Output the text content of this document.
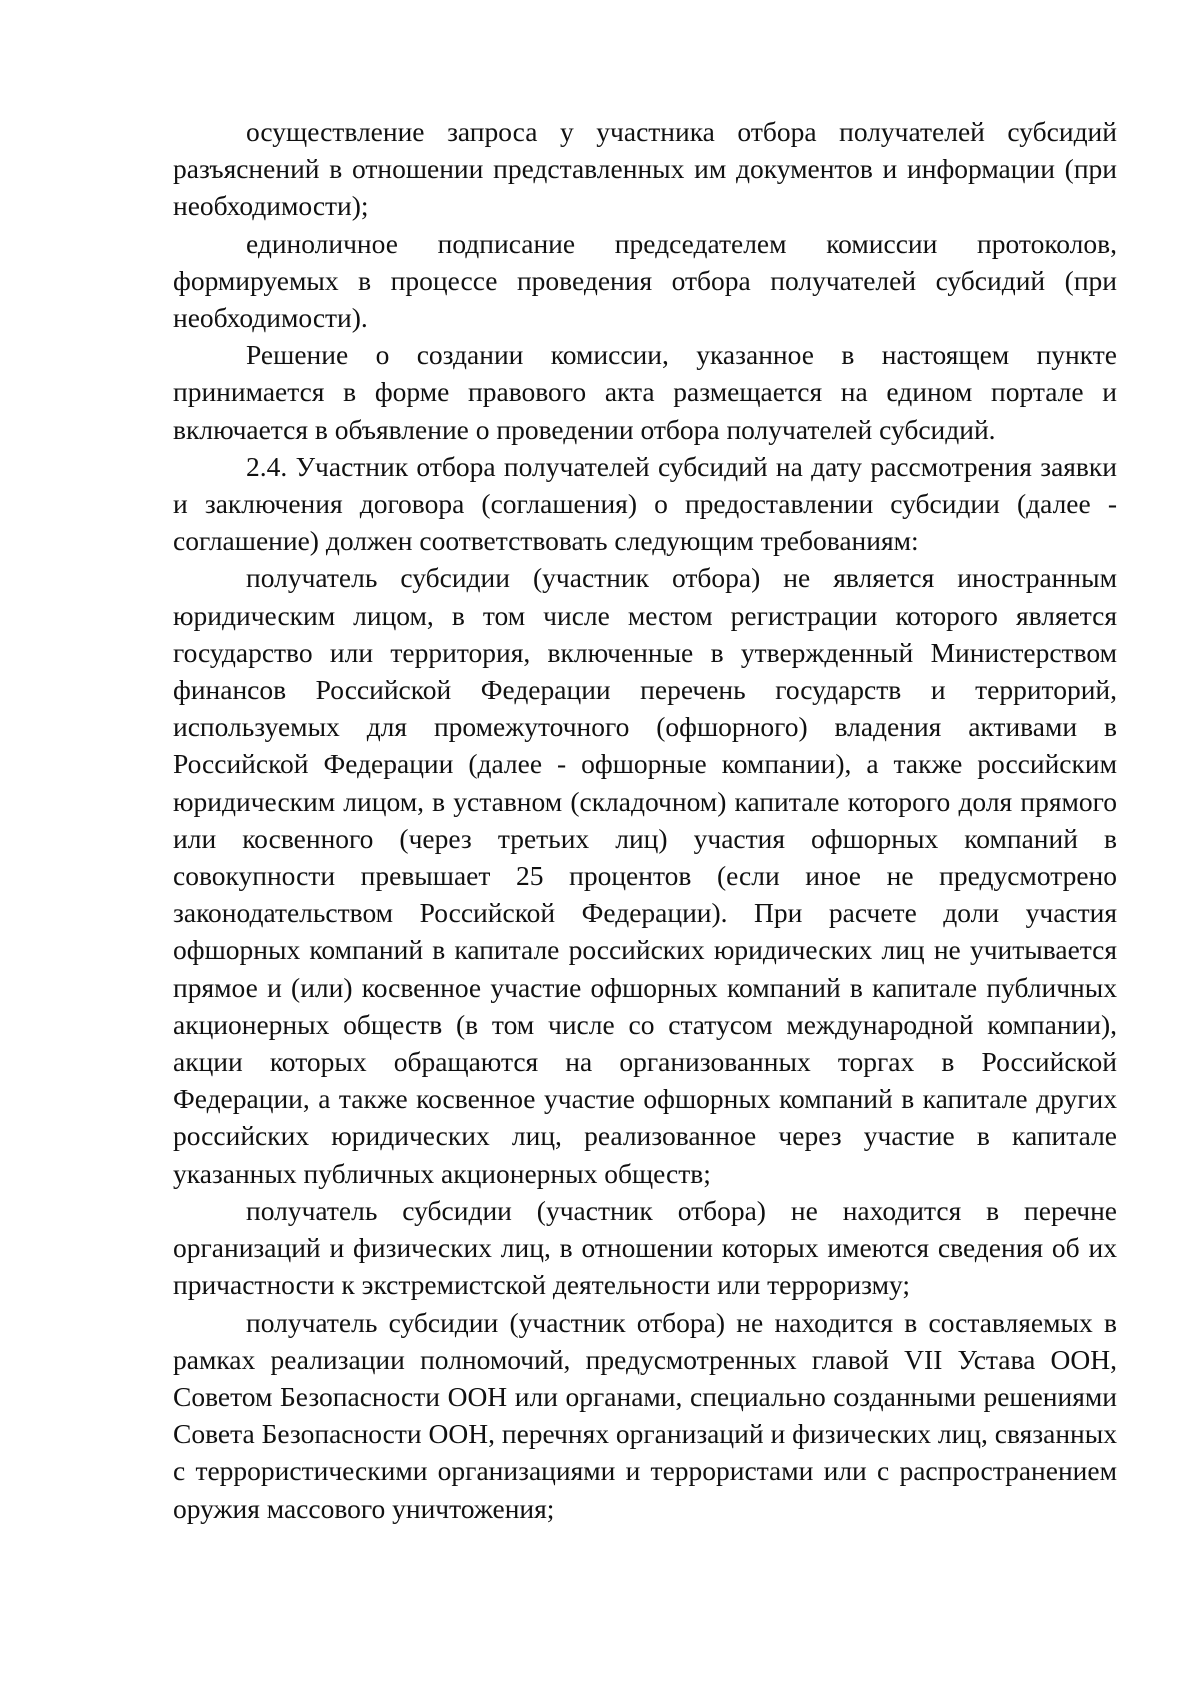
осуществление запроса у участника отбора получателей субсидий разъяснений в отношении представленных им документов и информации (при необходимости);

единоличное подписание председателем комиссии протоколов, формируемых в процессе проведения отбора получателей субсидий (при необходимости).

Решение о создании комиссии, указанное в настоящем пункте принимается в форме правового акта размещается на едином портале и включается в объявление о проведении отбора получателей субсидий.

2.4. Участник отбора получателей субсидий на дату рассмотрения заявки и заключения договора (соглашения) о предоставлении субсидии (далее - соглашение) должен соответствовать следующим требованиям:

получатель субсидии (участник отбора) не является иностранным юридическим лицом, в том числе местом регистрации которого является государство или территория, включенные в утвержденный Министерством финансов Российской Федерации перечень государств и территорий, используемых для промежуточного (офшорного) владения активами в Российской Федерации (далее - офшорные компании), а также российским юридическим лицом, в уставном (складочном) капитале которого доля прямого или косвенного (через третьих лиц) участия офшорных компаний в совокупности превышает 25 процентов (если иное не предусмотрено законодательством Российской Федерации). При расчете доли участия офшорных компаний в капитале российских юридических лиц не учитывается прямое и (или) косвенное участие офшорных компаний в капитале публичных акционерных обществ (в том числе со статусом международной компании), акции которых обращаются на организованных торгах в Российской Федерации, а также косвенное участие офшорных компаний в капитале других российских юридических лиц, реализованное через участие в капитале указанных публичных акционерных обществ;

получатель субсидии (участник отбора) не находится в перечне организаций и физических лиц, в отношении которых имеются сведения об их причастности к экстремистской деятельности или терроризму;

получатель субсидии (участник отбора) не находится в составляемых в рамках реализации полномочий, предусмотренных главой VII Устава ООН, Советом Безопасности ООН или органами, специально созданными решениями Совета Безопасности ООН, перечнях организаций и физических лиц, связанных с террористическими организациями и террористами или с распространением оружия массового уничтожения;
